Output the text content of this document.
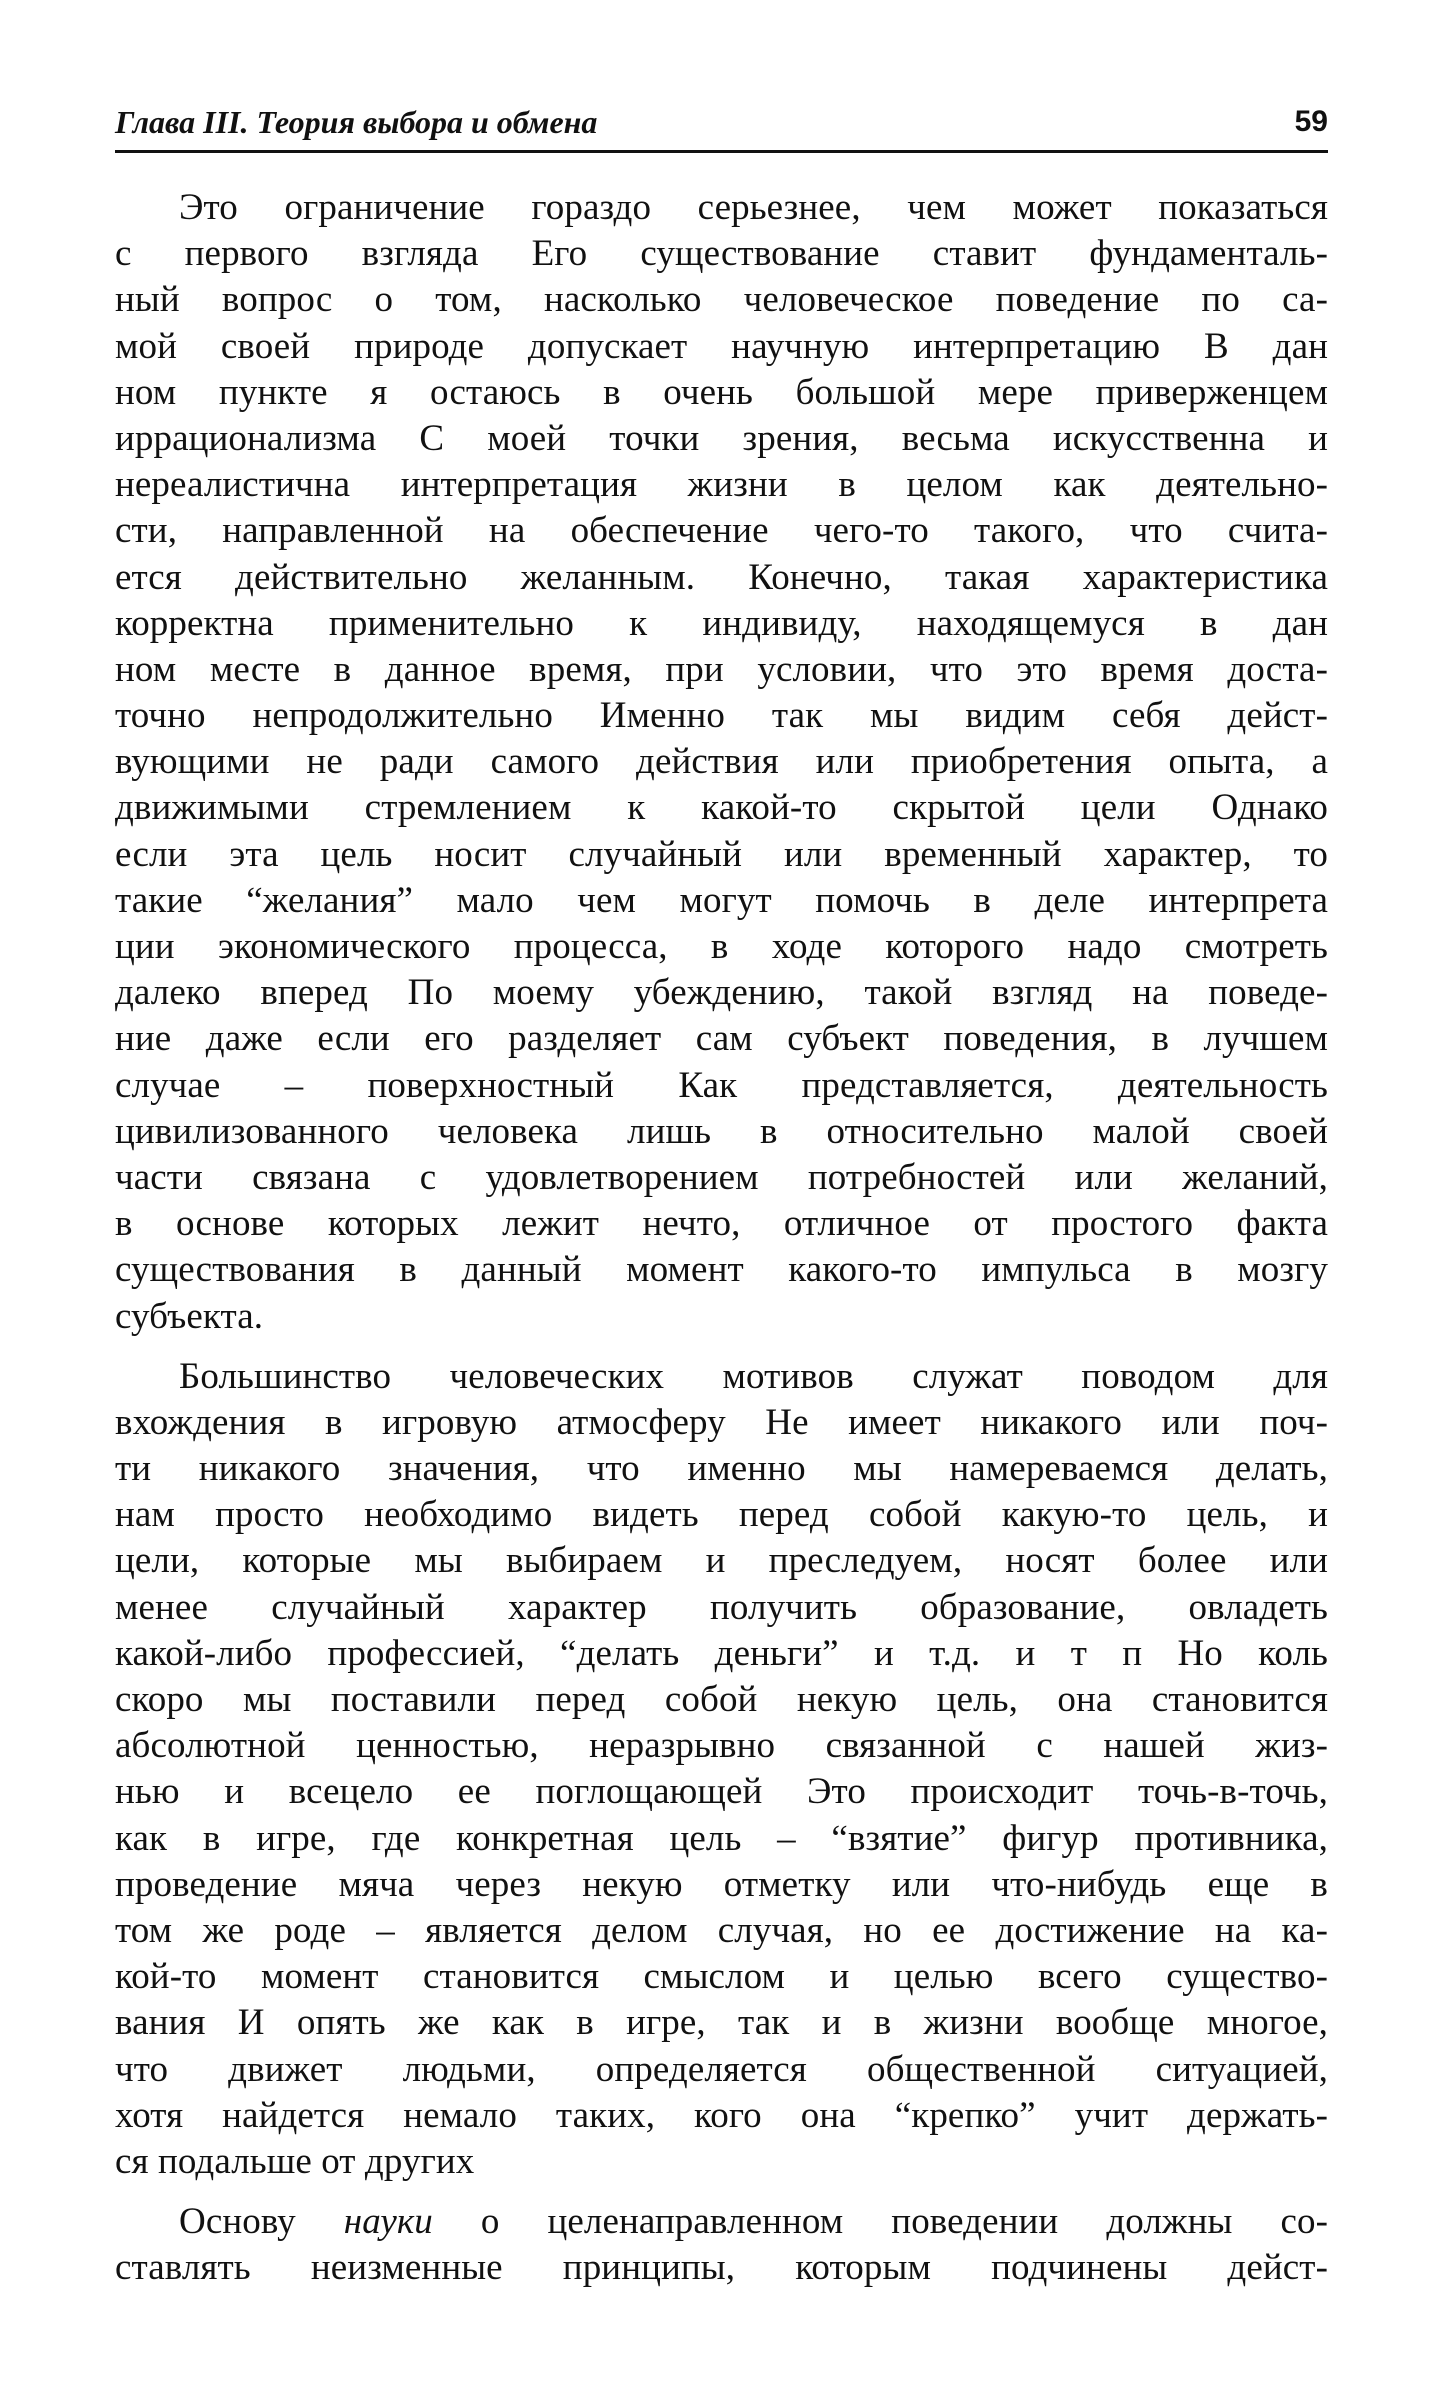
Глава III. Теория выбора и обмена	59
Это ограничение гораздо серьезнее, чем может показаться
с первого взгляда Его существование ставит фундаменталь-
ный вопрос о том, насколько человеческое поведение по са-
мой своей природе допускает научную интерпретацию В дан
ном пункте я остаюсь в очень большой мере приверженцем
иррационализма С моей точки зрения, весьма искусственна и
нереалистична интерпретация жизни в целом как деятельно-
сти, направленной на обеспечение чего-то такого, что счита-
ется действительно желанным. Конечно, такая характеристика
корректна применительно к индивиду, находящемуся в дан
ном месте в данное время, при условии, что это время доста-
точно непродолжительно Именно так мы видим себя дейст-
вующими не ради самого действия или приобретения опыта, а
движимыми стремлением к какой-то скрытой цели Однако
если эта цель носит случайный или временный характер, то
такие “желания” мало чем могут помочь в деле интерпрета
ции экономического процесса, в ходе которого надо смотреть
далеко вперед По моему убеждению, такой взгляд на поведе-
ние даже если его разделяет сам субъект поведения, в лучшем
случае – поверхностный Как представляется, деятельность
цивилизованного человека лишь в относительно малой своей
части связана с удовлетворением потребностей или желаний,
в основе которых лежит нечто, отличное от простого факта
существования в данный момент какого-то импульса в мозгу
субъекта.
Большинство человеческих мотивов служат поводом для
вхождения в игровую атмосферу Не имеет никакого или поч-
ти никакого значения, что именно мы намереваемся делать,
нам просто необходимо видеть перед собой какую-то цель, и
цели, которые мы выбираем и преследуем, носят более или
менее случайный характер получить образование, овладеть
какой-либо профессией, “делать деньги” и т.д. и т п Но коль
скоро мы поставили перед собой некую цель, она становится
абсолютной ценностью, неразрывно связанной с нашей жиз-
нью и всецело ее поглощающей Это происходит точь-в-точь,
как в игре, где конкретная цель – “взятие” фигур противника,
проведение мяча через некую отметку или что-нибудь еще в
том же роде – является делом случая, но ее достижение на ка-
кой-то момент становится смыслом и целью всего существо-
вания И опять же как в игре, так и в жизни вообще многое,
что движет людьми, определяется общественной ситуацией,
хотя найдется немало таких, кого она “крепко” учит держать-
ся подальше от других
Основу науки о целенаправленном поведении должны со-
ставлять неизменные принципы, которым подчинены дейст-
